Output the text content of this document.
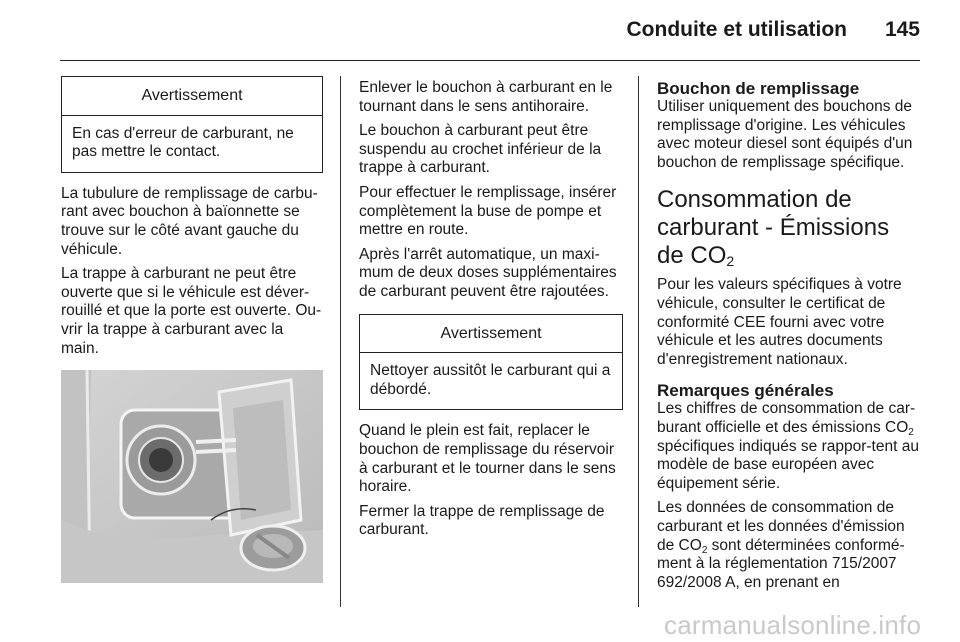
Conduite et utilisation	145
Avertissement
En cas d'erreur de carburant, ne pas mettre le contact.

La tubulure de remplissage de carbu-rant avec bouchon à baïonnette se trouve sur le côté avant gauche du véhicule.

La trappe à carburant ne peut être ouverte que si le véhicule est déver-rouillé et que la porte est ouverte. Ou-vrir la trappe à carburant avec la main.

Enlever le bouchon à carburant en le tournant dans le sens antihoraire.

Le bouchon à carburant peut être suspendu au crochet inférieur de la trappe à carburant.

Pour effectuer le remplissage, insérer complètement la buse de pompe et mettre en route.

Après l'arrêt automatique, un maxi-mum de deux doses supplémentaires de carburant peuvent être rajoutées.

Avertissement
Nettoyer aussitôt le carburant qui a débordé.

Quand le plein est fait, replacer le bouchon de remplissage du réservoir à carburant et le tourner dans le sens horaire.

Fermer la trappe de remplissage de carburant.

Bouchon de remplissage

Utiliser uniquement des bouchons de remplissage d'origine. Les véhicules avec moteur diesel sont équipés d'un bouchon de remplissage spécifique.

Consommation de
carburant - Émissions
de $CO_2$

Pour les valeurs spécifiques à votre véhicule, consulter le certificat de conformité CEE fourni avec votre véhicule et les autres documents d'enregistrement nationaux.

Remarques générales

Les chiffres de consommation de car-burant officielle et des émissions $CO_2$ spécifiques indiqués se rappor-tent au modèle de base européen avec équipement série.

Les données de consommation de carburant et les données d'émission de $CO_2$ sont déterminées conformé-ment à la réglementation 715/2007 692/2008 A, en prenant en

carmanualsonline.info
